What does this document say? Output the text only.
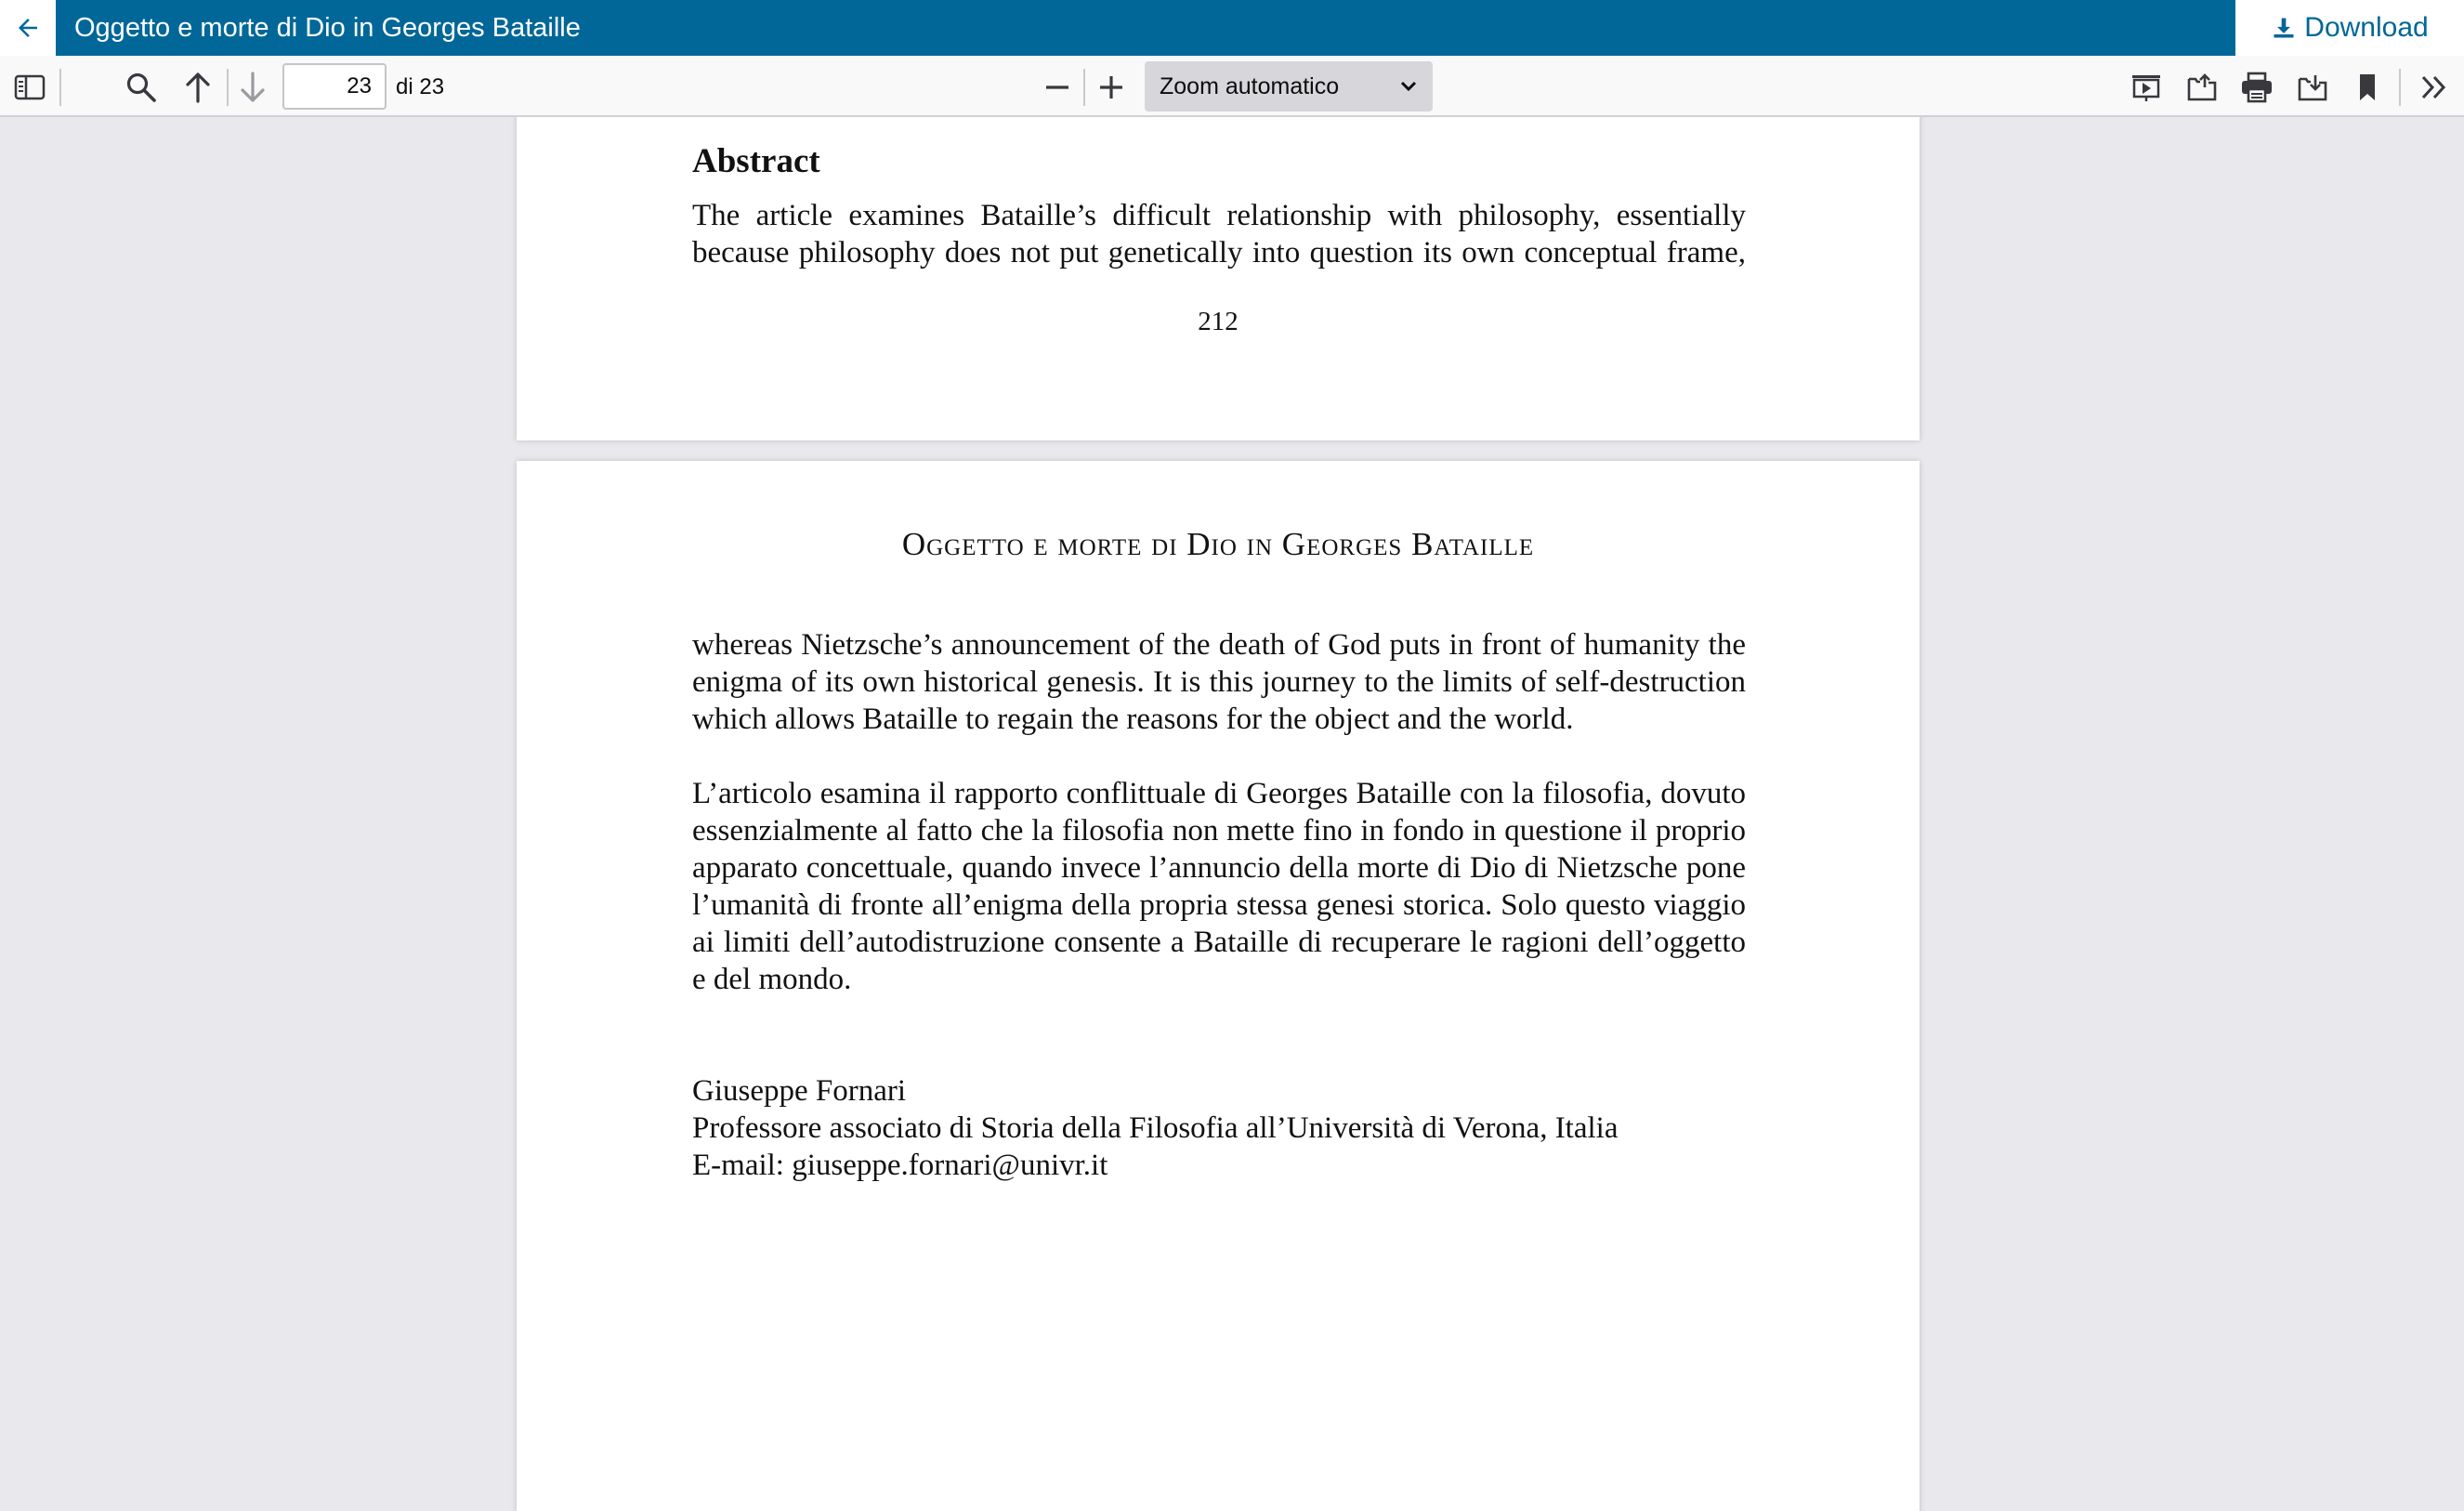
Oggetto e morte di Dio in Georges Bataille	Download
23
di 23	Zoom automatico
Abstract
The article examines Bataille’s difficult relationship with philosophy, essentially because philosophy does not put genetically into question its own conceptual frame,
212
Oggetto e morte di Dio in Georges Bataille
whereas Nietzsche’s announcement of the death of God puts in front of humanity the enigma of its own historical genesis. It is this journey to the limits of self-destruction which allows Bataille to regain the reasons for the object and the world.
L’articolo esamina il rapporto conflittuale di Georges Bataille con la filosofia, dovuto essenzialmente al fatto che la filosofia non mette fino in fondo in questione il proprio apparato concettuale, quando invece l’annuncio della morte di Dio di Nietzsche pone l’umanità di fronte all’enigma della propria stessa genesi storica. Solo questo viaggio ai limiti dell’autodistruzione consente a Bataille di recuperare le ragioni dell’oggetto e del mondo.
Giuseppe Fornari
Professore associato di Storia della Filosofia all’Università di Verona, Italia
E-mail: giuseppe.fornari@univr.it
